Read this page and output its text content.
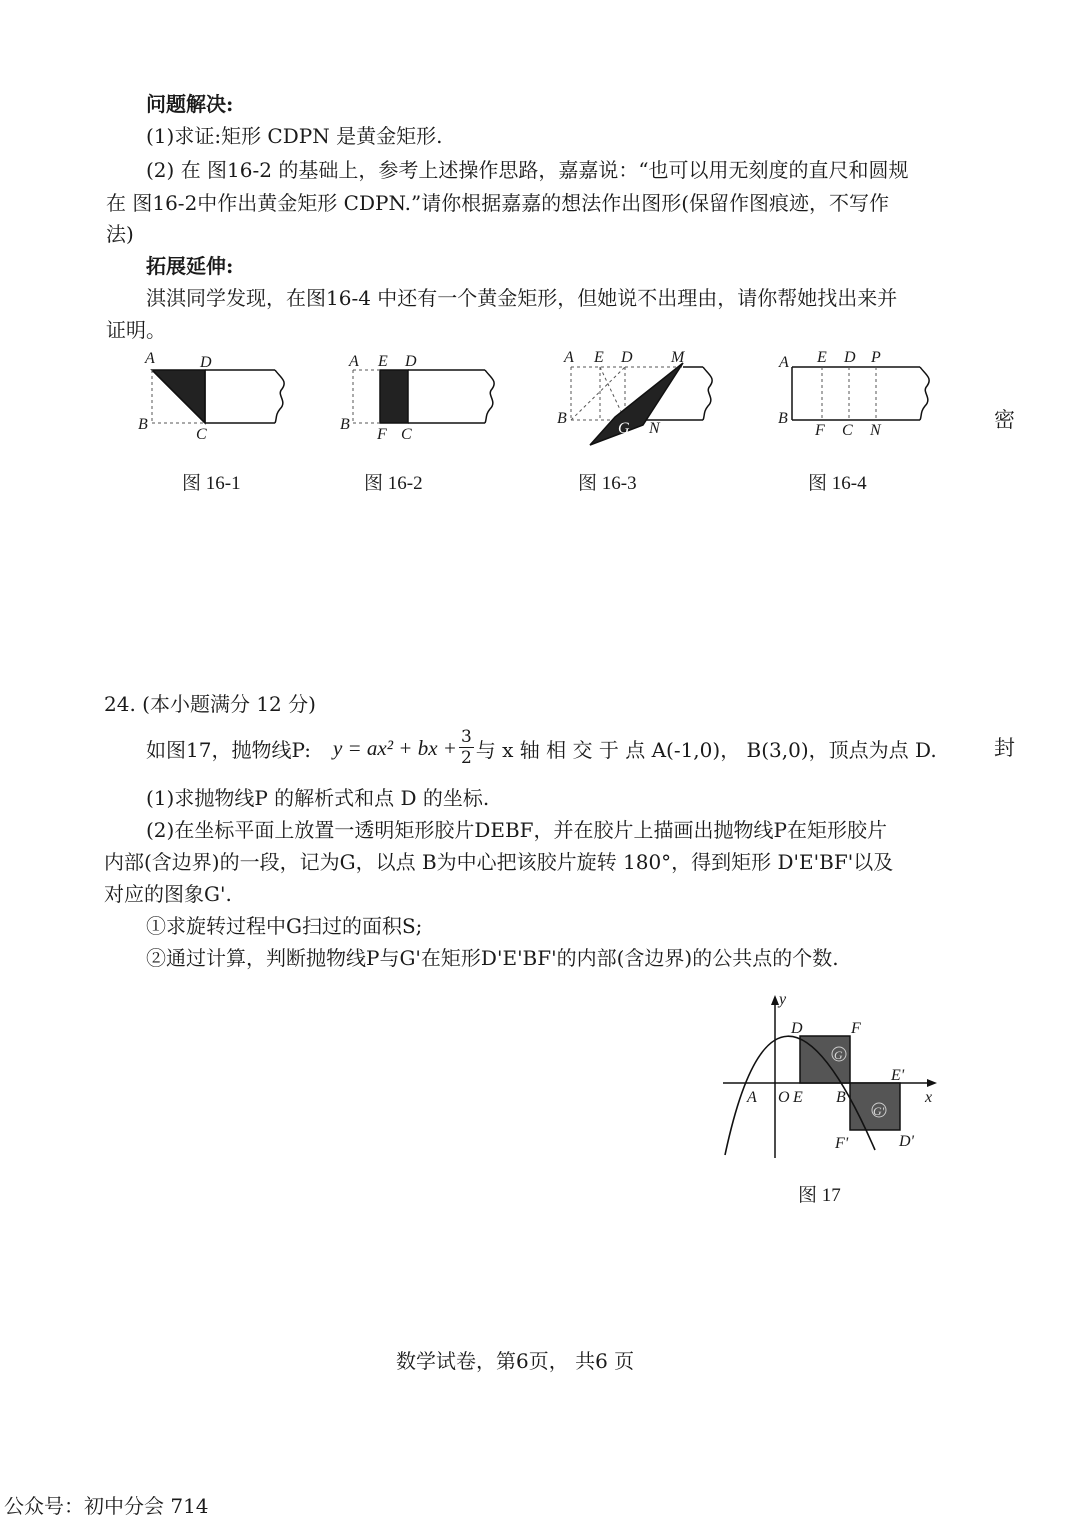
问题解决:
(1)求证:矩形 CDPN 是黄金矩形.
(2) 在 图16-2 的基础上，参考上述操作思路，嘉嘉说：“也可以用无刻度的直尺和圆规
在 图16-2中作出黄金矩形 CDPN.”请你根据嘉嘉的想法作出图形(保留作图痕迹，不写作
法)
拓展延伸:
淇淇同学发现，在图16-4 中还有一个黄金矩形，但她说不出理由，请你帮她找出来并
证明。
A	D
B
C
图 16-1
A E D
B
F C
图 16-2
A E D M
B
G N
图 16-3
A E D P
B
F C N
图 16-4
密
封
24. (本小题满分 12 分)
如图17，抛物线P: y = ax² + bx + $\frac{3}{2}$ 与 x 轴 相 交 于 点 A(-1,0)， B(3,0)，顶点为点 D.
(1)求抛物线P 的解析式和点 D 的坐标.
(2)在坐标平面上放置一透明矩形胶片DEBF，并在胶片上描画出抛物线P在矩形胶片
内部(含边界)的一段，记为G，以点 B为中心把该胶片旋转 180°，得到矩形 D'E'BF'以及
对应的图象G'.
①求旋转过程中G扫过的面积S;
②通过计算，判断抛物线P与G'在矩形D'E'BF'的内部(含边界)的公共点的个数.
y
x
D	F
A O E B
E'
F'	D'
G
G'
图 17
数学试卷，第6页， 共6 页
公众号：初中分会 714
